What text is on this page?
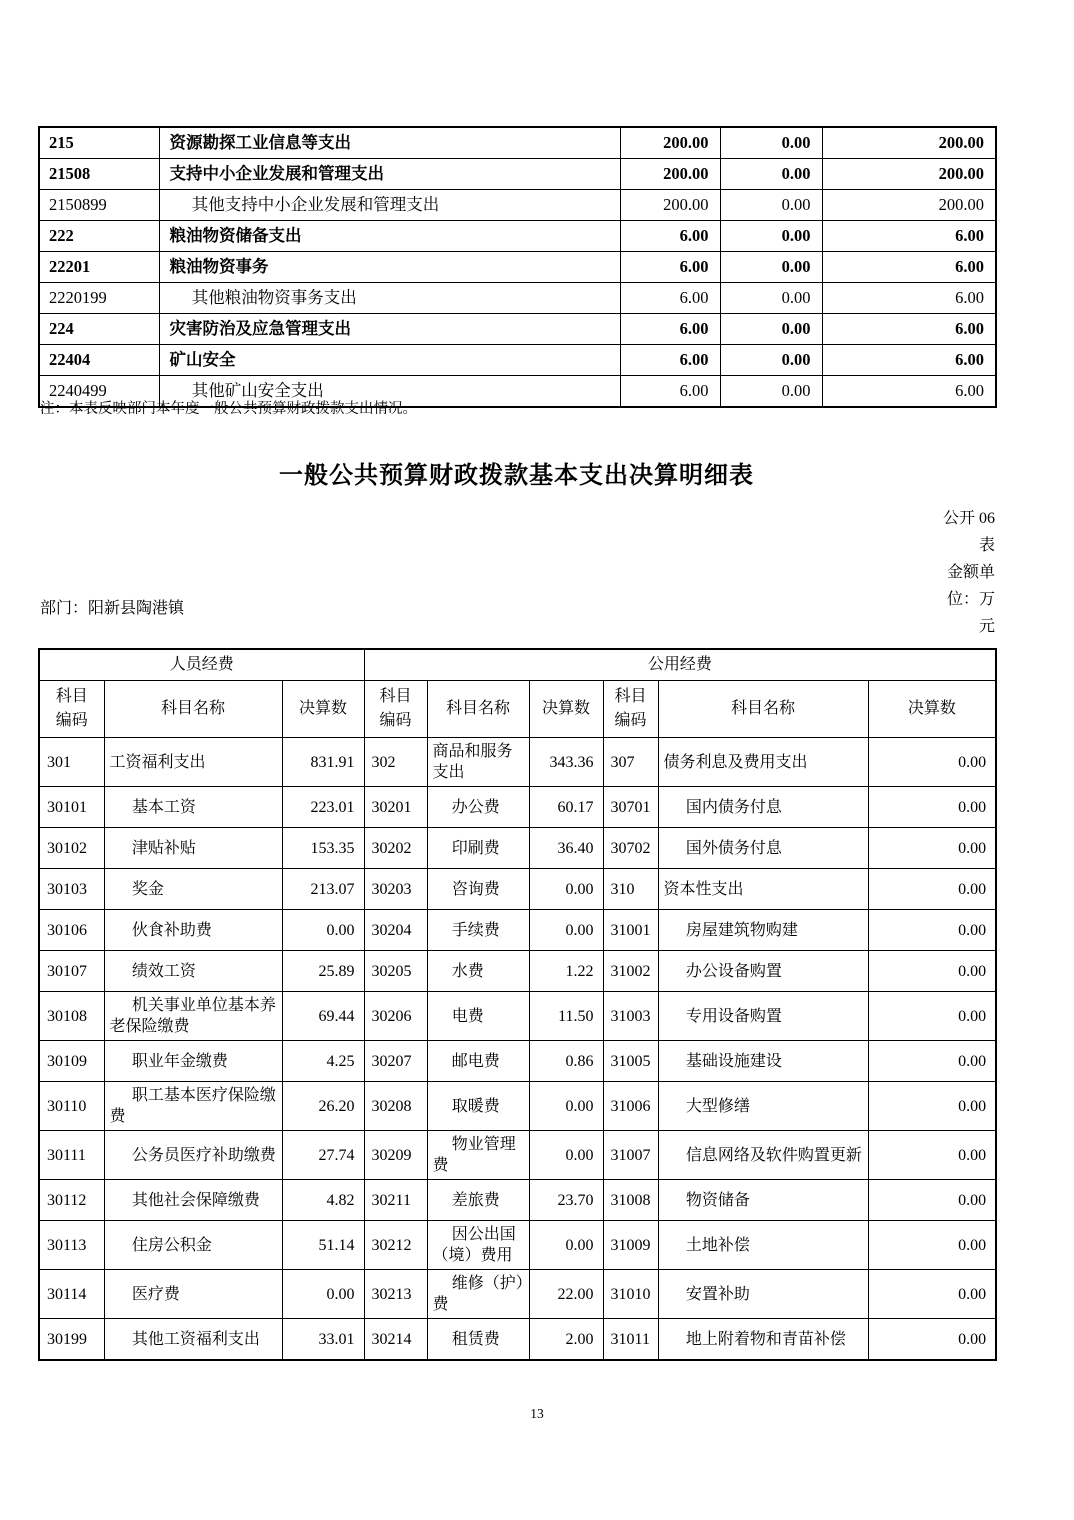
215	资源勘探工业信息等支出	200.00	0.00	200.00
21508	支持中小企业发展和管理支出	200.00	0.00	200.00
2150899	其他支持中小企业发展和管理支出	200.00	0.00	200.00
222	粮油物资储备支出	6.00	0.00	6.00
22201	粮油物资事务	6.00	0.00	6.00
2220199	其他粮油物资事务支出	6.00	0.00	6.00
224	灾害防治及应急管理支出	6.00	0.00	6.00
22404	矿山安全	6.00	0.00	6.00
2240499	其他矿山安全支出	6.00	0.00	6.00
注：本表反映部门本年度一般公共预算财政拨款支出情况。
一般公共预算财政拨款基本支出决算明细表
公开 06
表
金额单
位：万
元
部门：阳新县陶港镇
人员经费			公用经费					
科目编码	科目名称	决算数	科目编码	科目名称	决算数	科目编码	科目名称	决算数
301	工资福利支出	831.91	302	商品和服务支出	343.36	307	债务利息及费用支出	0.00
30101	基本工资	223.01	30201	办公费	60.17	30701	国内债务付息	0.00
30102	津贴补贴	153.35	30202	印刷费	36.40	30702	国外债务付息	0.00
30103	奖金	213.07	30203	咨询费	0.00	310	资本性支出	0.00
30106	伙食补助费	0.00	30204	手续费	0.00	31001	房屋建筑物购建	0.00
30107	绩效工资	25.89	30205	水费	1.22	31002	办公设备购置	0.00
30108	机关事业单位基本养老保险缴费	69.44	30206	电费	11.50	31003	专用设备购置	0.00
30109	职业年金缴费	4.25	30207	邮电费	0.86	31005	基础设施建设	0.00
30110	职工基本医疗保险缴费	26.20	30208	取暖费	0.00	31006	大型修缮	0.00
30111	公务员医疗补助缴费	27.74	30209	物业管理费	0.00	31007	信息网络及软件购置更新	0.00
30112	其他社会保障缴费	4.82	30211	差旅费	23.70	31008	物资储备	0.00
30113	住房公积金	51.14	30212	因公出国（境）费用	0.00	31009	土地补偿	0.00
30114	医疗费	0.00	30213	维修（护）费	22.00	31010	安置补助	0.00
30199	其他工资福利支出	33.01	30214	租赁费	2.00	31011	地上附着物和青苗补偿	0.00
13
